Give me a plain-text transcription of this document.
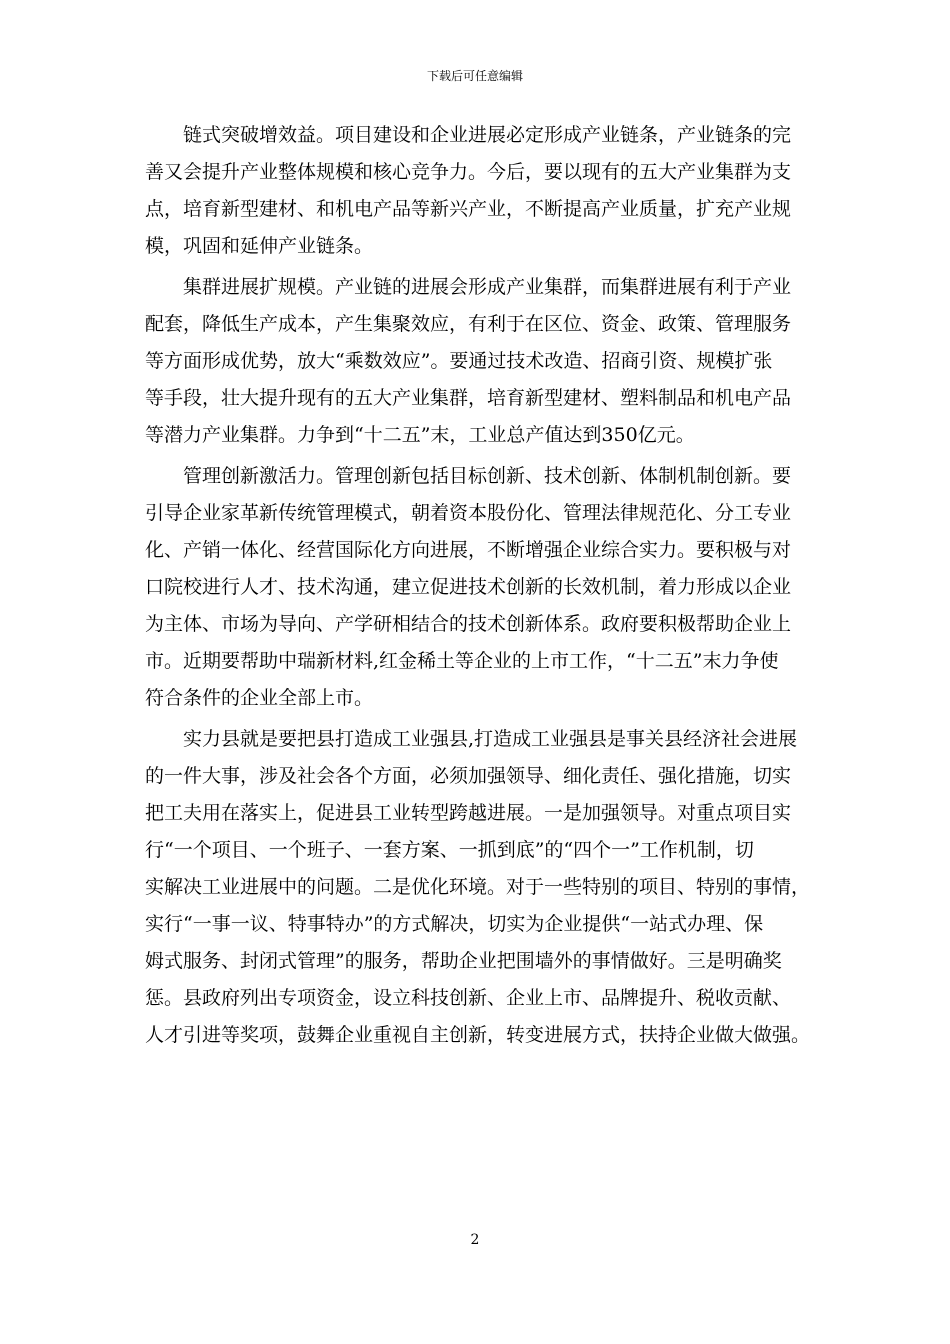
下载后可任意编辑
链式突破增效益。项目建设和企业进展必定形成产业链条，产业链条的完
善又会提升产业整体规模和核心竞争力。今后，要以现有的五大产业集群为支
点，培育新型建材、和机电产品等新兴产业，不断提高产业质量，扩充产业规
模，巩固和延伸产业链条。
集群进展扩规模。产业链的进展会形成产业集群，而集群进展有利于产业
配套，降低生产成本，产生集聚效应，有利于在区位、资金、政策、管理服务
等方面形成优势，放大“乘数效应”。要通过技术改造、招商引资、规模扩张
等手段，壮大提升现有的五大产业集群，培育新型建材、塑料制品和机电产品
等潜力产业集群。力争到“十二五”末，工业总产值达到350亿元。
管理创新激活力。管理创新包括目标创新、技术创新、体制机制创新。要
引导企业家革新传统管理模式，朝着资本股份化、管理法律规范化、分工专业
化、产销一体化、经营国际化方向进展，不断增强企业综合实力。要积极与对
口院校进行人才、技术沟通，建立促进技术创新的长效机制，着力形成以企业
为主体、市场为导向、产学研相结合的技术创新体系。政府要积极帮助企业上
市。近期要帮助中瑞新材料,红金稀土等企业的上市工作，“十二五”末力争使
符合条件的企业全部上市。
实力县就是要把县打造成工业强县,打造成工业强县是事关县经济社会进展
的一件大事，涉及社会各个方面，必须加强领导、细化责任、强化措施，切实
把工夫用在落实上，促进县工业转型跨越进展。一是加强领导。对重点项目实
行“一个项目、一个班子、一套方案、一抓到底”的“四个一”工作机制，切
实解决工业进展中的问题。二是优化环境。对于一些特别的项目、特别的事情，
实行“一事一议、特事特办”的方式解决，切实为企业提供“一站式办理、保
姆式服务、封闭式管理”的服务，帮助企业把围墙外的事情做好。三是明确奖
惩。县政府列出专项资金，设立科技创新、企业上市、品牌提升、税收贡献、
人才引进等奖项，鼓舞企业重视自主创新，转变进展方式，扶持企业做大做强。
2
